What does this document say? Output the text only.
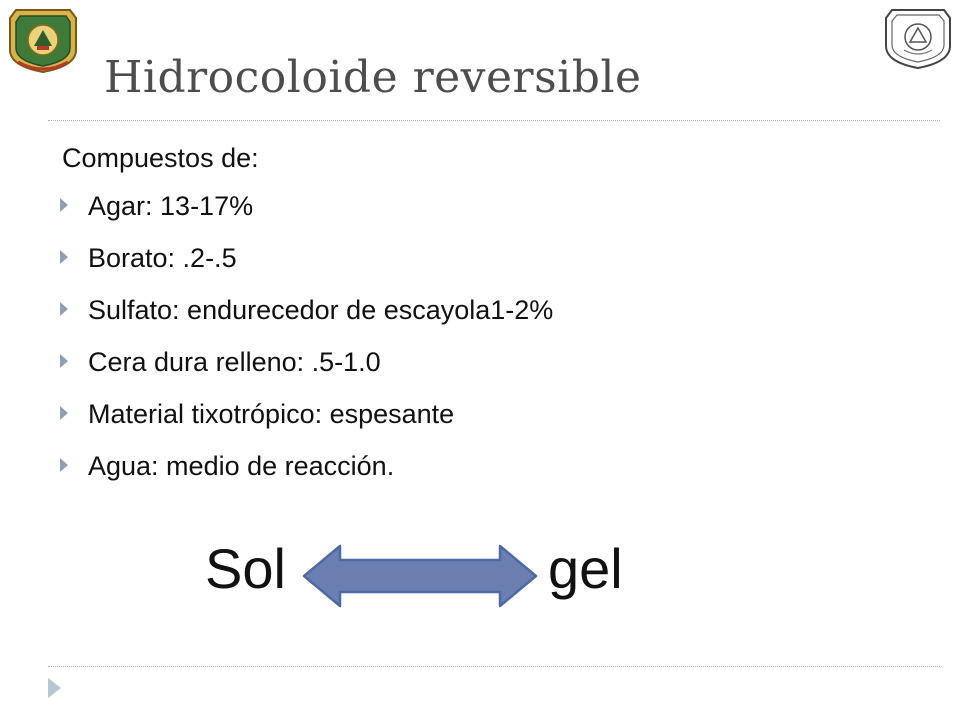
Hidrocoloide reversible
Compuestos de:
Agar: 13-17%
Borato: .2-.5
Sulfato: endurecedor de escayola1-2%
Cera dura relleno: .5-1.0
Material tixotrópico: espesante
Agua: medio de reacción.
Sol	gel
